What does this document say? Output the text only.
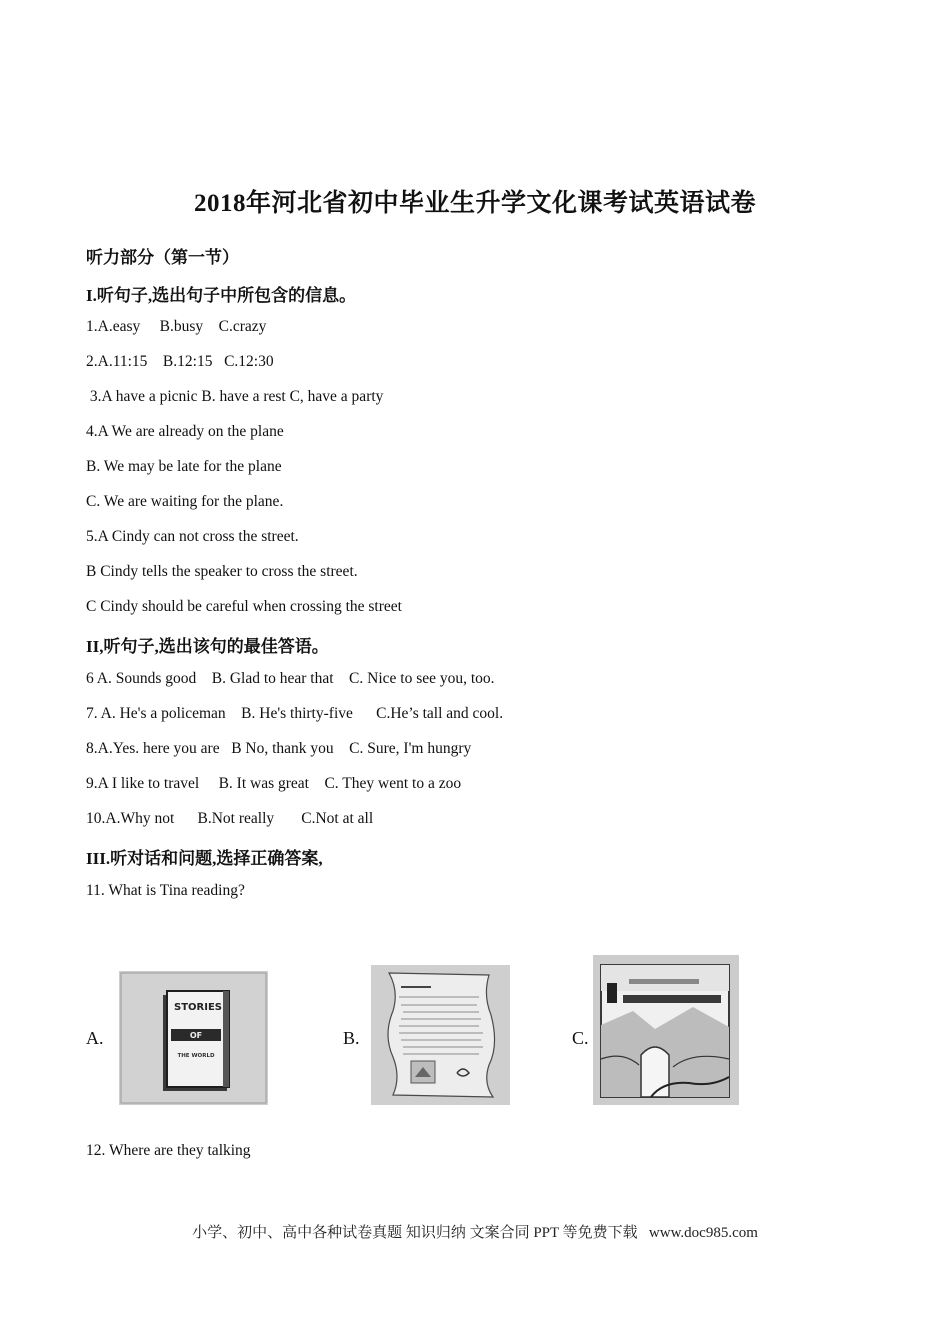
2018年河北省初中毕业生升学文化课考试英语试卷
听力部分（第一节）
I.听句子,选出句子中所包含的信息。
1.A.easy     B.busy    C.crazy
2.A.11:15    B.12:15   C.12:30
3.A have a picnic B. have a rest C, have a party
4.A We are already on the plane
B. We may be late for the plane
C. We are waiting for the plane.
5.A Cindy can not cross the street.
B Cindy tells the speaker to cross the street.
C Cindy should be careful when crossing the street
II,听句子,选出该句的最佳答语。
6 A. Sounds good    B. Glad to hear that    C. Nice to see you, too.
7. A. He's a policeman    B. He's thirty-five      C.He’s tall and cool.
8.A.Yes. here you are   B No, thank you    C. Sure, I'm hungry
9.A I like to travel     B. It was great    C. They went to a zoo
10.A.Why not      B.Not really       C.Not at all
III.听对话和问题,选择正确答案,
11. What is Tina reading?
A.
STORIES
OF
THE WORLD
B.	C.
12. Where are they talking
小学、初中、高中各种试卷真题 知识归纳 文案合同 PPT 等免费下载   www.doc985.com
